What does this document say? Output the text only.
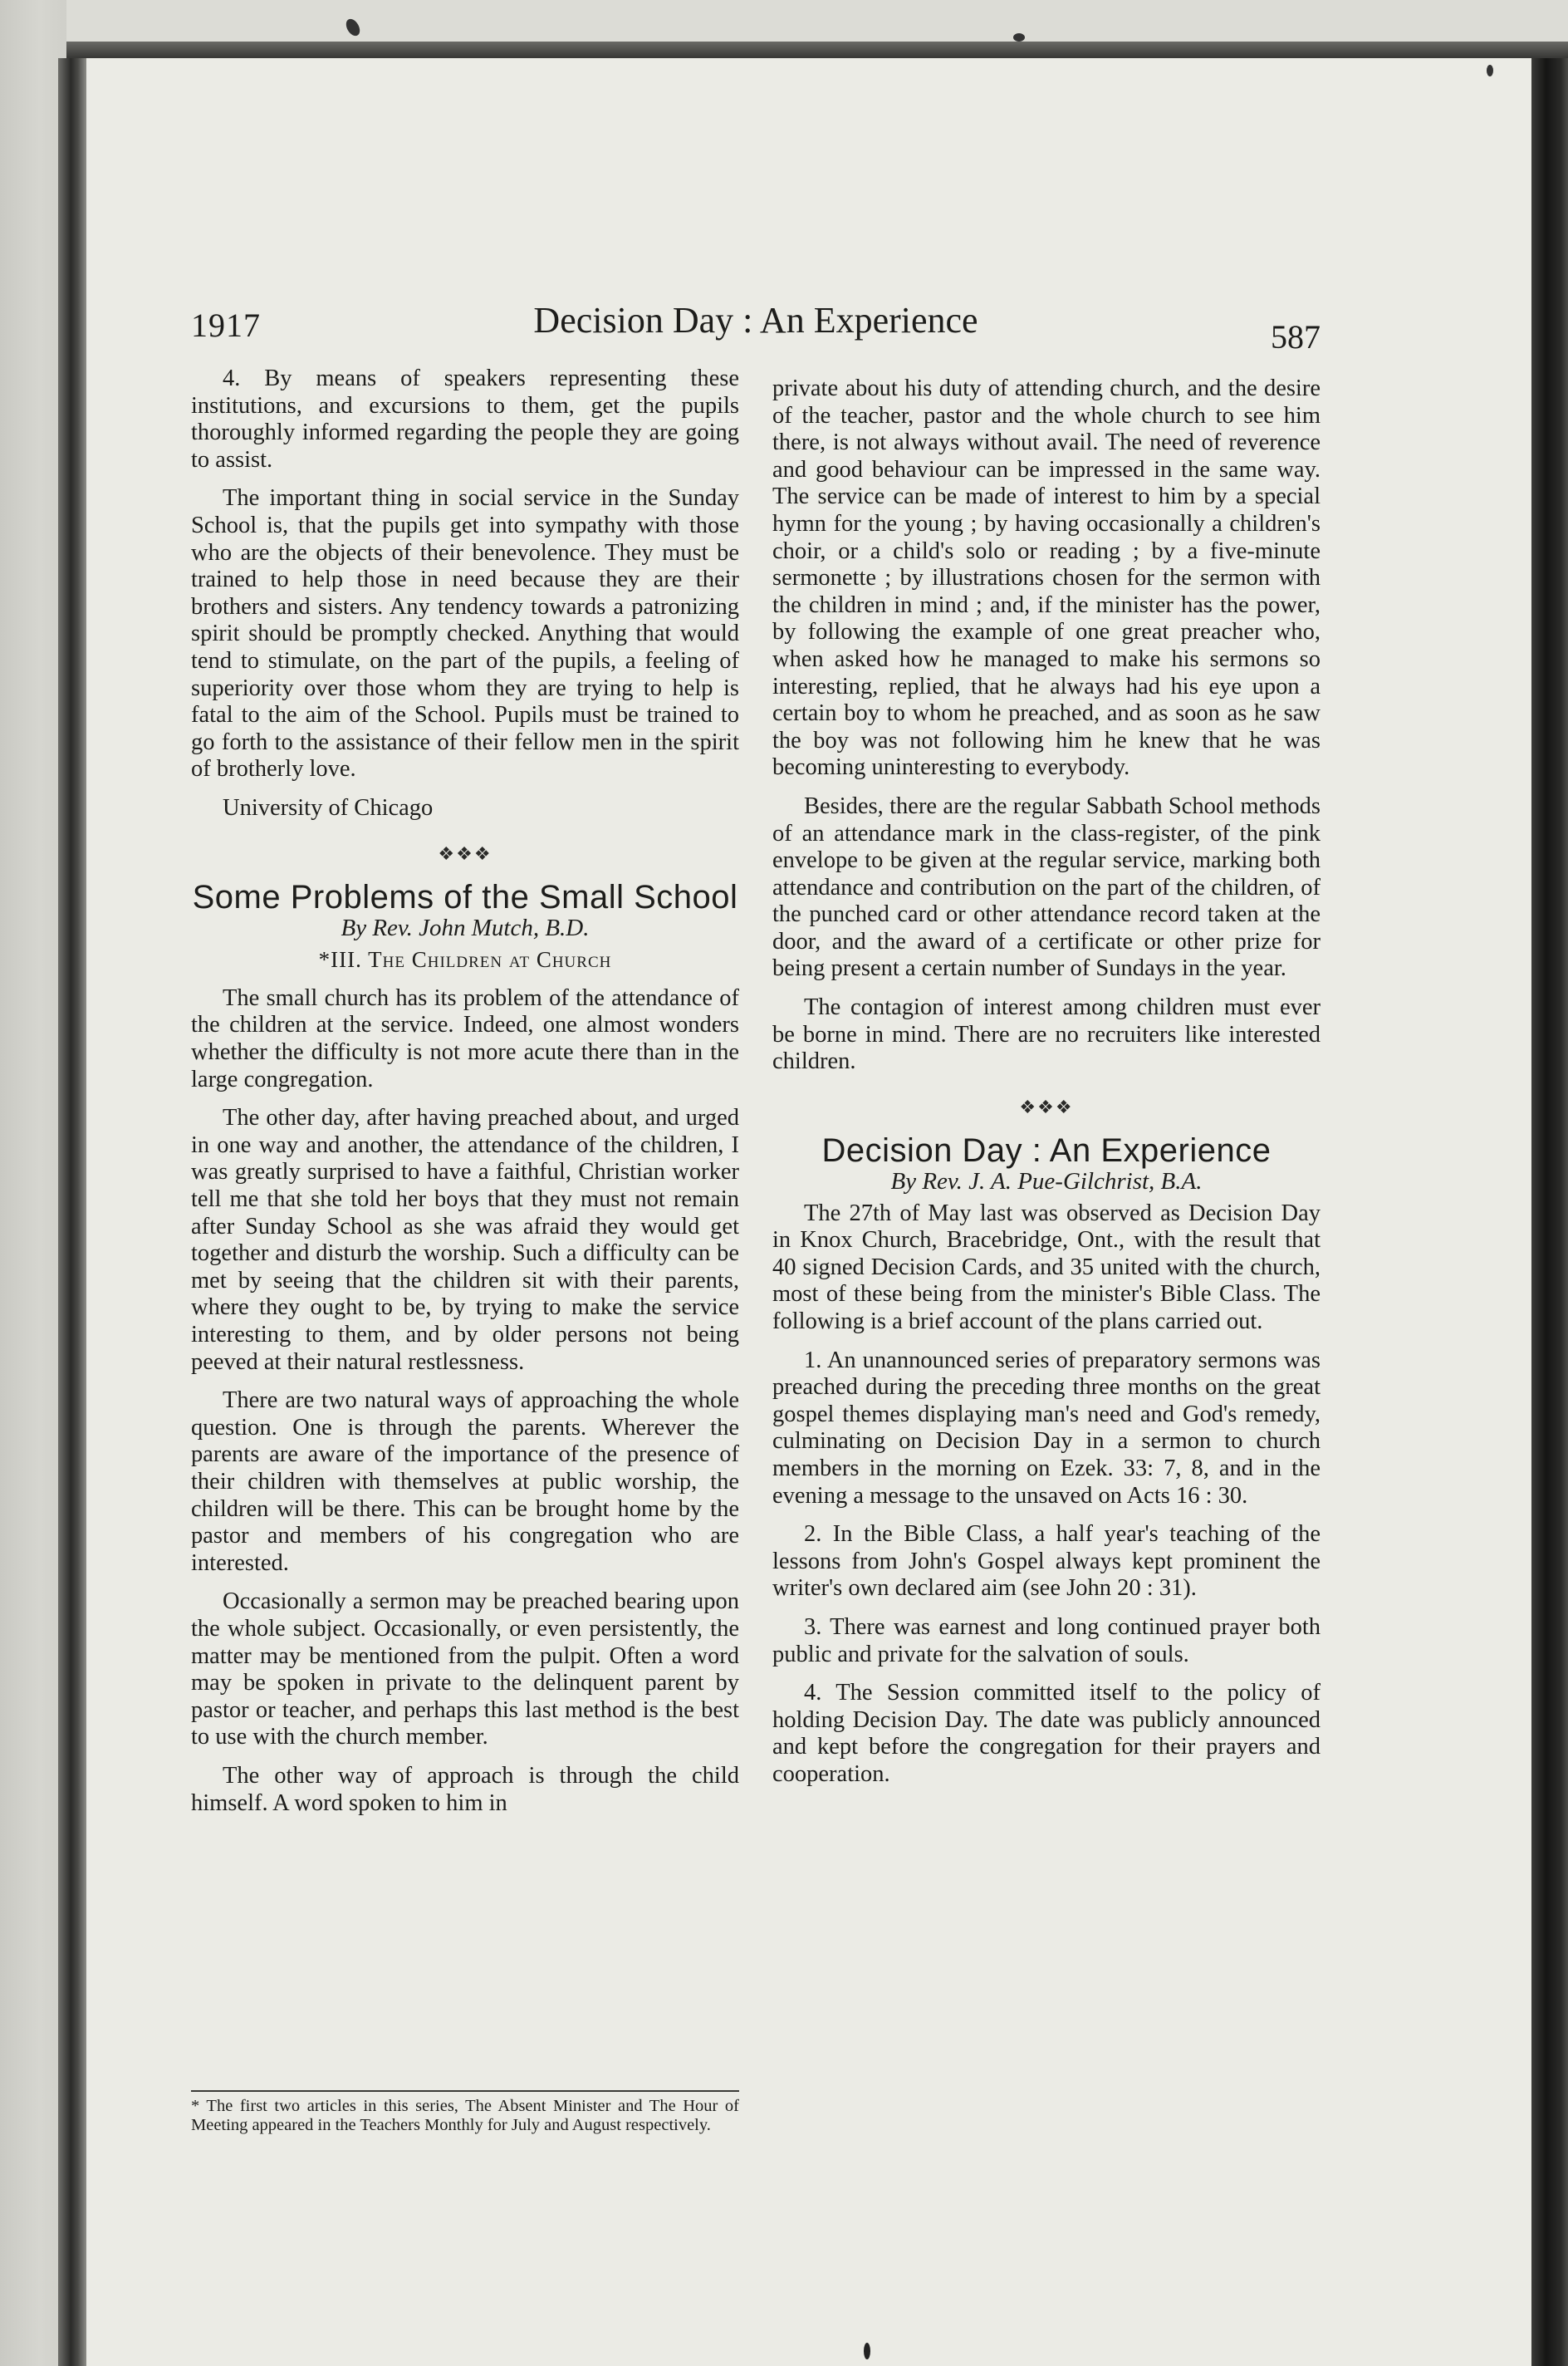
1917	Decision Day : An Experience	587

4. By means of speakers representing these institutions, and excursions to them, get the pupils thoroughly informed regarding the people they are going to assist.

The important thing in social service in the Sunday School is, that the pupils get into sympathy with those who are the objects of their benevolence. They must be trained to help those in need because they are their brothers and sisters. Any tendency towards a patronizing spirit should be promptly checked. Anything that would tend to stimulate, on the part of the pupils, a feeling of superiority over those whom they are trying to help is fatal to the aim of the School. Pupils must be trained to go forth to the assistance of their fellow men in the spirit of brotherly love.

University of Chicago

❖❖❖
Some Problems of the Small School
By Rev. John Mutch, B.D.
*III. The Children at Church

The small church has its problem of the attendance of the children at the service. Indeed, one almost wonders whether the difficulty is not more acute there than in the large congregation.

The other day, after having preached about, and urged in one way and another, the attendance of the children, I was greatly surprised to have a faithful, Christian worker tell me that she told her boys that they must not remain after Sunday School as she was afraid they would get together and disturb the worship. Such a difficulty can be met by seeing that the children sit with their parents, where they ought to be, by trying to make the service interesting to them, and by older persons not being peeved at their natural restlessness.

There are two natural ways of approaching the whole question. One is through the parents. Wherever the parents are aware of the importance of the presence of their children with themselves at public worship, the children will be there. This can be brought home by the pastor and members of his congregation who are interested.

Occasionally a sermon may be preached bearing upon the whole subject. Occasionally, or even persistently, the matter may be mentioned from the pulpit. Often a word may be spoken in private to the delinquent parent by pastor or teacher, and perhaps this last method is the best to use with the church member.

The other way of approach is through the child himself. A word spoken to him in

* The first two articles in this series, The Absent Minister and The Hour of Meeting appeared in the Teachers Monthly for July and August respectively.

private about his duty of attending church, and the desire of the teacher, pastor and the whole church to see him there, is not always without avail. The need of reverence and good behaviour can be impressed in the same way. The service can be made of interest to him by a special hymn for the young ; by having occasionally a children's choir, or a child's solo or reading ; by a five-minute sermonette ; by illustrations chosen for the sermon with the children in mind ; and, if the minister has the power, by following the example of one great preacher who, when asked how he managed to make his sermons so interesting, replied, that he always had his eye upon a certain boy to whom he preached, and as soon as he saw the boy was not following him he knew that he was becoming uninteresting to everybody.

Besides, there are the regular Sabbath School methods of an attendance mark in the class-register, of the pink envelope to be given at the regular service, marking both attendance and contribution on the part of the children, of the punched card or other attendance record taken at the door, and the award of a certificate or other prize for being present a certain number of Sundays in the year.

The contagion of interest among children must ever be borne in mind. There are no recruiters like interested children.

❖❖❖
Decision Day : An Experience
By Rev. J. A. Pue-Gilchrist, B.A.

The 27th of May last was observed as Decision Day in Knox Church, Bracebridge, Ont., with the result that 40 signed Decision Cards, and 35 united with the church, most of these being from the minister's Bible Class. The following is a brief account of the plans carried out.

1. An unannounced series of preparatory sermons was preached during the preceding three months on the great gospel themes displaying man's need and God's remedy, culminating on Decision Day in a sermon to church members in the morning on Ezek. 33: 7, 8, and in the evening a message to the unsaved on Acts 16 : 30.

2. In the Bible Class, a half year's teaching of the lessons from John's Gospel always kept prominent the writer's own declared aim (see John 20 : 31).

3. There was earnest and long continued prayer both public and private for the salvation of souls.

4. The Session committed itself to the policy of holding Decision Day. The date was publicly announced and kept before the congregation for their prayers and cooperation.
